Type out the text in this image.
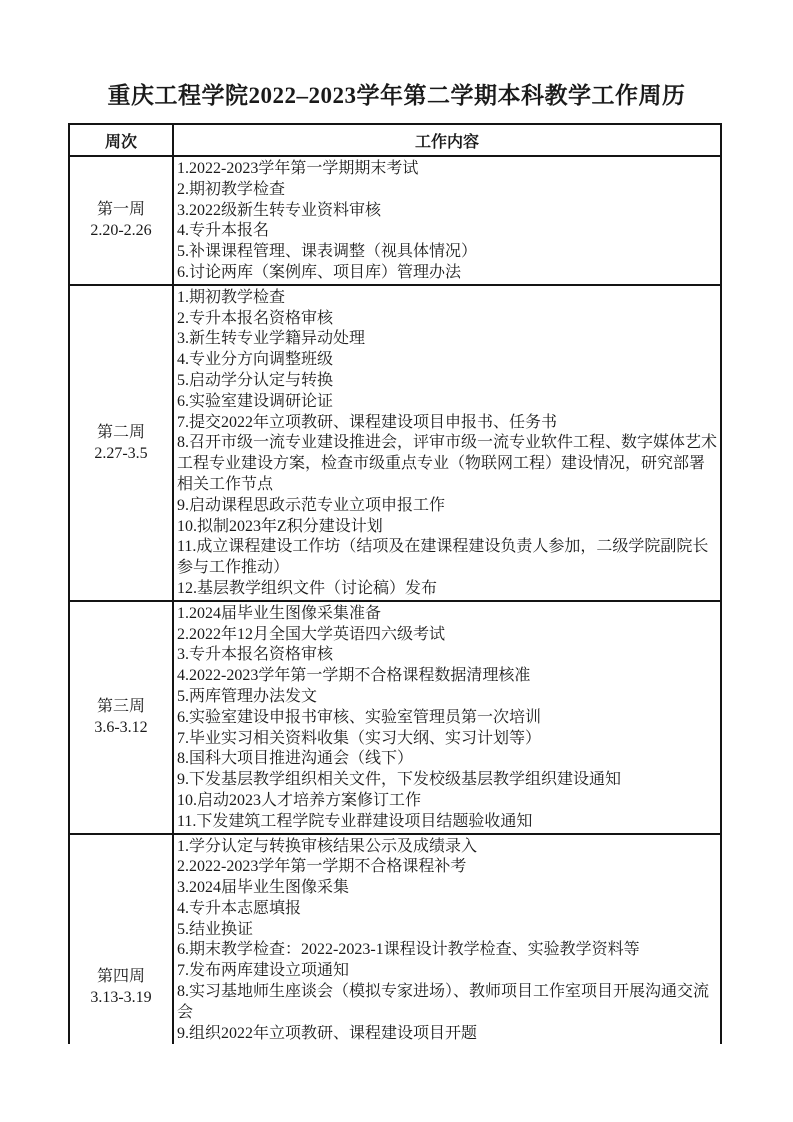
重庆工程学院2022–2023学年第二学期本科教学工作周历
周次	工作内容

第一周
2.20-2.26

1.2022-2023学年第一学期期末考试
2.期初教学检查
3.2022级新生转专业资料审核
4.专升本报名
5.补课课程管理、课表调整（视具体情况）
6.讨论两库（案例库、项目库）管理办法

第二周
2.27-3.5

1.期初教学检查
2.专升本报名资格审核
3.新生转专业学籍异动处理
4.专业分方向调整班级
5.启动学分认定与转换
6.实验室建设调研论证
7.提交2022年立项教研、课程建设项目申报书、任务书
8.召开市级一流专业建设推进会，评审市级一流专业软件工程、数字媒体艺术工程专业建设方案，检查市级重点专业（物联网工程）建设情况，研究部署相关工作节点
9.启动课程思政示范专业立项申报工作
10.拟制2023年Z积分建设计划
11.成立课程建设工作坊（结项及在建课程建设负责人参加，二级学院副院长参与工作推动）
12.基层教学组织文件（讨论稿）发布

第三周
3.6-3.12

1.2024届毕业生图像采集准备
2.2022年12月全国大学英语四六级考试
3.专升本报名资格审核
4.2022-2023学年第一学期不合格课程数据清理核准
5.两库管理办法发文
6.实验室建设申报书审核、实验室管理员第一次培训
7.毕业实习相关资料收集（实习大纲、实习计划等）
8.国科大项目推进沟通会（线下）
9.下发基层教学组织相关文件，下发校级基层教学组织建设通知
10.启动2023人才培养方案修订工作
11.下发建筑工程学院专业群建设项目结题验收通知

第四周
3.13-3.19

1.学分认定与转换审核结果公示及成绩录入
2.2022-2023学年第一学期不合格课程补考
3.2024届毕业生图像采集
4.专升本志愿填报
5.结业换证
6.期末教学检查：2022-2023-1课程设计教学检查、实验教学资料等
7.发布两库建设立项通知
8.实习基地师生座谈会（模拟专家进场）、教师项目工作室项目开展沟通交流会
9.组织2022年立项教研、课程建设项目开题
